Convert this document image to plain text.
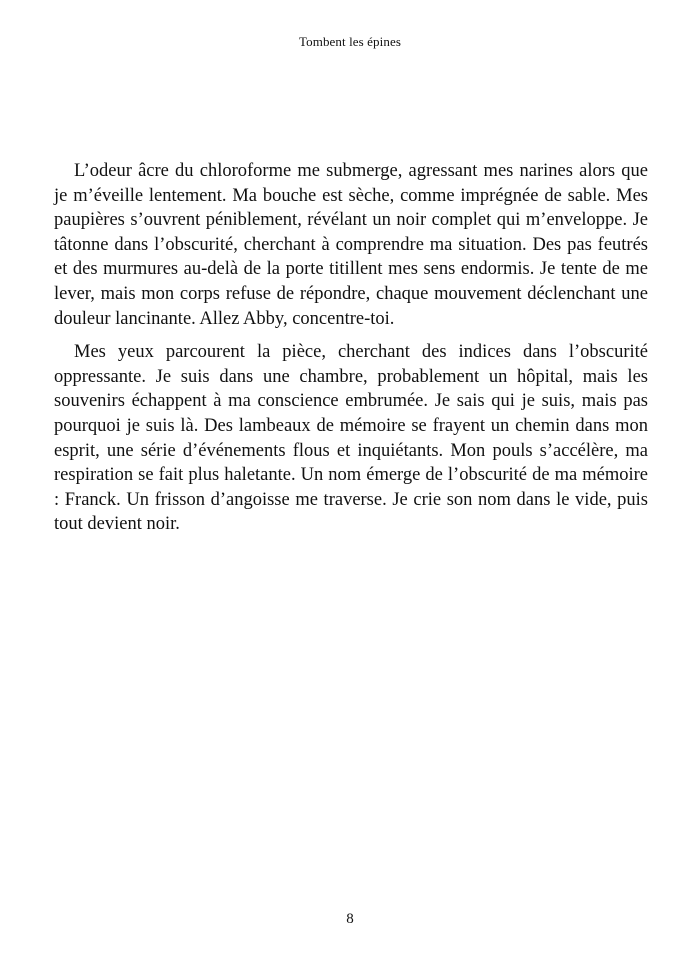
Tombent les épines

L’odeur âcre du chloroforme me submerge, agressant mes narines alors que je m’éveille lentement. Ma bouche est sèche, comme imprégnée de sable. Mes paupières s’ouvrent péniblement, révélant un noir complet qui m’enveloppe. Je tâtonne dans l’obscurité, cherchant à comprendre ma situation. Des pas feutrés et des murmures au-delà de la porte titillent mes sens endormis. Je tente de me lever, mais mon corps refuse de répondre, chaque mouvement déclenchant une douleur lancinante. Allez Abby, concentre-toi.

Mes yeux parcourent la pièce, cherchant des indices dans l’obscurité oppressante. Je suis dans une chambre, probablement un hôpital, mais les souvenirs échappent à ma conscience embrumée. Je sais qui je suis, mais pas pourquoi je suis là. Des lambeaux de mémoire se frayent un chemin dans mon esprit, une série d’événements flous et inquiétants. Mon pouls s’accélère, ma respiration se fait plus haletante. Un nom émerge de l’obscurité de ma mémoire : Franck. Un frisson d’angoisse me traverse. Je crie son nom dans le vide, puis tout devient noir.

8
